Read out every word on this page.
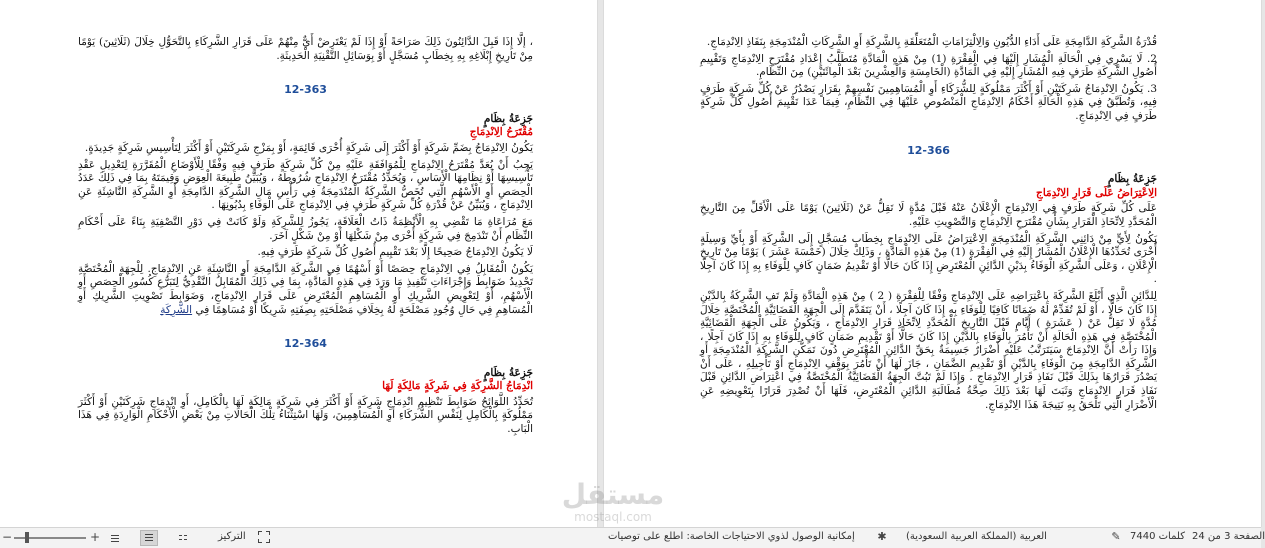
، إلَّا إِذَا قَبِلَ الدَّائِنُونَ ذَلِكَ صَرَاحَةً أَوْ إِذَا لَمْ يَعْتَرِضْ أَيٌّ مِنْهُمْ عَلَى قَرَارِ الشَّرِكَاءِ بِالتَّحَوُّلِ خِلَالَ (ثَلَاثِينَ) يَوْمًا مِنْ تَارِيخِ إِبْلَاغِهِ بِهِ بِخِطَابٍ مُسَجَّلٍ أَوْ بِوَسَائِلِ التَّقْنِيَةِ الْحَدِيثَةِ.

12-363

جَزِعَةُ بِظَامٍ

مُقْتَرَحُ الِانْدِمَاجِ

يَكُونُ الِانْدِمَاجُ بِضَمِّ شَرِكَةٍ أَوْ أَكْثَرَ إِلَى شَرِكَةٍ أُخْرَى قَائِمَةٍ، أَوْ بِمَزْجِ شَرِكَتَيْنِ أَوْ أَكْثَرَ لِتَأْسِيسِ شَرِكَةٍ جَدِيدَةٍ.

يَجِبُ أَنْ يُعَدَّ مُقْتَرَحُ الِانْدِمَاجِ لِلْمُوَافَقَةِ عَلَيْهِ مِنْ كُلِّ شَرِكَةٍ طَرَفٍ فِيهِ وَفْقًا لِلْأَوْضَاعِ الْمُقَرَّرَةِ لِتَعْدِيلِ عَقْدِ تَأْسِيسِهَا أَوْ نِظَامِهَا الْأَسَاسِ ، وَيُحَدِّدُ مُقْتَرَحُ الِانْدِمَاجِ شُرُوطَهُ ، وَيُبَيِّنُ طَبِيعَةَ الْعِوَضِ وَقِيمَتَهُ بِمَا فِي ذَلِكَ عَدَدُ الْحِصَصِ أَوِ الْأَسْهُمِ الَّتِي تُخَصُّ الشَّرِكَةُ الْمُنْدَمِجَةُ فِي رَأْسِ مَالِ الشَّرِكَةِ الدَّامِجَةِ أَوِ الشَّرِكَةِ النَّاشِئَةِ عَنِ الِانْدِمَاجِ ، وَيُبَيِّنُ عَنْ قُدْرَةِ كُلِّ شَرِكَةٍ طَرَفٍ فِي الِانْدِمَاجِ عَلَى الْوَفَاءِ بِدُيُونِهَا .

مَعَ مُرَاعَاةِ مَا تَقْضِي بِهِ الْأَنْظِمَةُ ذَاتُ الْعَلَاقَةِ، يَجُوزُ لِلشَّرِكَةِ وَلَوْ كَانَتْ فِي دَوْرِ التَّصْفِيَةِ بِنَاءً عَلَى أَحْكَامِ النِّظَامِ أَنْ تَنْدَمِجَ فِي شَرِكَةٍ أُخْرَى مِنْ شَكْلِهَا أَوْ مِنْ شَكْلٍ آخَرَ.

لَا يَكُونُ الِانْدِمَاجُ صَحِيحًا إِلَّا بَعْدَ تَقْيِيمِ أُصُولِ كُلِّ شَرِكَةٍ طَرَفٍ فِيهِ.

يَكُونُ الْمُقَابِلُ فِي الِانْدِمَاجِ حِصَصًا أَوْ أَسْهُمًا فِي الشَّرِكَةِ الدَّامِجَةِ أَوِ النَّاشِئَةِ عَنِ الِانْدِمَاجِ. لِلْجِهَةِ الْمُخْتَصَّةِ تَحْدِيدُ ضَوَابِطَ وَإِجْرَاءَاتِ تَنْفِيذِ مَا وَرَدَ فِي هَذِهِ الْمَادَّةِ، بِمَا فِي ذَلِكَ الْمُقَابِلُ النَّقْدِيُّ لِتَبَرُّعِ كُسُورِ الْحِصَصِ أَوِ الْأَسْهُمِ، أَوْ لِتَعْوِيضِ الشَّرِيكِ أَوِ الْمُسَاهِمِ الْمُعْتَرِضِ عَلَى قَرَارِ الِانْدِمَاجِ، وَضَوَابِطَ تَصْوِيتِ الشَّرِيكِ أَوِ الْمُسَاهِمِ فِي حَالِ وُجُودِ مَصْلَحَةٍ لَهُ بِخِلَافِ مَصْلَحَتِهِ بِصِفَتِهِ شَرِيكًا أَوْ مُسَاهِمًا فِي الشَّرِكَةِ

12-364

جَزِعَةُ بِظَامٍ

انْدِمَاجُ الشَّرِكَةِ فِي شَرِكَةٍ مَالِكَةٍ لَهَا

تُحَدِّدُ اللَّوَائِحُ ضَوَابِطَ تَنْظِيمِ انْدِمَاجِ شَرِكَةٍ أَوْ أَكْثَرَ فِي شَرِكَةٍ مَالِكَةٍ لَهَا بِالْكَامِلِ، أَوِ انْدِمَاجِ شَرِكَتَيْنِ أَوْ أَكْثَرَ مَمْلُوكَةٍ بِالْكَامِلِ لِنَفْسِ الشُّرَكَاءِ أَوِ الْمُسَاهِمِينَ، وَلَهَا اسْتِثْنَاءُ تِلْكَ الْحَالَاتِ مِنْ بَعْضِ الْأَحْكَامِ الْوَارِدَةِ فِي هَذَا الْبَابِ.

قُدْرَةُ الشَّرِكَةِ الدَّامِجَةِ عَلَى أَدَاءِ الدُّيُونِ وَالِالْتِزَامَاتِ الْمُتَعَلِّقَةِ بِالشَّرِكَةِ أَوِ الشَّرِكَاتِ الْمُنْدَمِجَةِ بِنَفَاذِ الِانْدِمَاجِ.

2. لَا يَسْرِي فِي الْحَالَةِ الْمُشَارِ إِلَيْهَا فِي الْفِقْرَةِ (1) مِنْ هَذِهِ الْمَادَّةِ مُتَطَلَّبُ إِعْدَادِ مُقْتَرَحِ الِانْدِمَاجِ وَتَقْيِيمِ أُصُولِ الشَّرِكَةِ طَرَفٍ فِيهِ الْمُشَارِ إِلَيْهِ فِي الْمَادَّةِ (الْخَامِسَةِ وَالْعِشْرِينَ بَعْدَ الْمِائَتَيْنِ) مِنَ النِّظَامِ.

3. يَكُونُ الِانْدِمَاجُ شَرِكَتَيْنِ أَوْ أَكْثَرَ مَمْلُوكَةٍ لِلشُّرَكَاءِ أَوِ الْمُسَاهِمِينَ نَفْسِهِمْ بِقَرَارٍ يَصْدُرُ عَنْ كُلِّ شَرِكَةٍ طَرَفٍ فِيهِ، وَتُطَبَّقُ فِي هَذِهِ الْحَالَةِ أَحْكَامُ الِانْدِمَاجِ الْمَنْصُوصِ عَلَيْهَا فِي النِّظَامِ، فِيمَا عَدَا تَقْيِيمَ أُصُولِ كُلِّ شَرِكَةٍ طَرَفٍ فِي الِانْدِمَاجِ.

12-366

جَزِعَةُ بِظَامٍ

الِاعْتِرَاضُ عَلَى قَرَارِ الِانْدِمَاجِ

عَلَى كُلِّ شَرِكَةٍ طَرَفٍ فِي الِانْدِمَاجِ الْإِعْلَانُ عَنْهُ قَبْلَ مُدَّةٍ لَا تَقِلُّ عَنْ (ثَلَاثِينَ) يَوْمًا عَلَى الْأَقَلِّ مِنَ التَّارِيخِ الْمُحَدَّدِ لِاتِّخَاذِ الْقَرَارِ بِشَأْنِ مُقْتَرَحِ الِانْدِمَاجِ وَالتَّصْوِيتِ عَلَيْهِ.

يَكُونُ لِأَيٍّ مِنْ دَائِنِي الشَّرِكَةِ الْمُنْدَمِجَةِ الِاعْتِرَاضُ عَلَى الِانْدِمَاجِ بِخِطَابٍ مُسَجَّلٍ إِلَى الشَّرِكَةِ أَوْ بِأَيِّ وَسِيلَةٍ أُخْرَى تُحَدِّدُهَا الْإِعْلَانُ الْمُشَارُ إِلَيْهِ فِي الْفِقْرَةِ (1) مِنْ هَذِهِ الْمَادَّةِ ، وَذَلِكَ خِلَالَ (خَمْسَةَ عَشَرَ ) يَوْمًا مِنْ تَارِيخِ الْإِعْلَانِ ، وَعَلَى الشَّرِكَةِ الْوَفَاءُ بِدَيْنِ الدَّائِنِ الْمُعْتَرِضِ إِذَا كَانَ حَالًّا أَوْ تَقْدِيمُ ضَمَانٍ كَافٍ لِلْوَفَاءِ بِهِ إِذَا كَانَ آجِلًا .

لِلدَّائِنِ الَّذِي أَبْلَغَ الشَّرِكَةَ بِاعْتِرَاضِهِ عَلَى الِانْدِمَاجِ وَفْقًا لِلْفِقْرَةِ ( 2 ) مِنْ هَذِهِ الْمَادَّةِ وَلَمْ تَفِ الشَّرِكَةُ بِالدَّيْنِ إِذَا كَانَ حَالًّا ، أَوْ لَمْ تُقَدِّمْ لَهُ ضَمَانًا كَافِيًا لِلْوَفَاءِ بِهِ إِذَا كَانَ آجِلًا ، أَنْ يَتَقَدَّمَ إِلَى الْجِهَةِ الْقَضَائِيَّةِ الْمُخْتَصَّةِ خِلَالَ مُدَّةٍ لَا تَقِلُّ عَنْ ( عَشَرَةِ ) أَيَّامٍ قَبْلَ التَّارِيخِ الْمُحَدَّدِ لِاتِّخَاذِ قَرَارِ الِانْدِمَاجِ ، وَيَكُونُ عَلَى الْجِهَةِ الْقَضَائِيَّةِ الْمُخْتَصَّةِ فِي هَذِهِ الْحَالَةِ أَنْ تَأْمُرَ بِالْوَفَاءِ بِالدَّيْنِ إِذَا كَانَ حَالًّا أَوْ تَقْدِيمِ ضَمَانٍ كَافٍ لِلْوَفَاءِ بِهِ إِذَا كَانَ آجِلًا ، وَإِذَا رَأَتْ أَنَّ الِانْدِمَاجَ سَيَتَرَتَّبُ عَلَيْهِ أَضْرَارٌ جَسِيمَةٌ بِحَقِّ الدَّائِنِ الْمُعْتَرِضِ دُونَ تَمَكُّنِ الشَّرِكَةِ الْمُنْدَمِجَةِ أَوِ الشَّرِكَةِ الدَّامِجَةِ مِنَ الْوَفَاءِ بِالدَّيْنِ أَوْ تَقْدِيمِ الضَّمَانِ ، جَازَ لَهَا أَنْ تَأْمُرَ بِوَقْفِ الِانْدِمَاجِ أَوْ تَأْجِيلِهِ ، عَلَى أَنْ يَصْدُرَ قَرَارُهَا بِذَلِكَ قَبْلَ نَفَاذِ قَرَارِ الِانْدِمَاجِ . وَإِذَا لَمْ تَبُتَّ الْجِهَةُ الْقَضَائِيَّةُ الْمُخْتَصَّةُ فِي اعْتِرَاضِ الدَّائِنِ قَبْلَ نَفَاذِ قَرَارِ الِانْدِمَاجِ وَثَبَتَ لَهَا بَعْدَ ذَلِكَ صِحَّةُ مُطَالَبَةِ الدَّائِنِ الْمُعْتَرِضِ، فَلَهَا أَنْ تُصْدِرَ قَرَارًا بِتَعْوِيضِهِ عَنِ الْأَضْرَارِ الَّتِي تَلْحَقُ بِهِ نَتِيجَةَ هَذَا الِانْدِمَاجِ.

مستقل
mostaql.com
−	+	التركيز	إمكانية الوصول لذوي الاحتياجات الخاصة: اطلع على توصيات ✱ العربية (المملكة العربية السعودية)	✎ 7440 كلمات الصفحة 3 من 24
